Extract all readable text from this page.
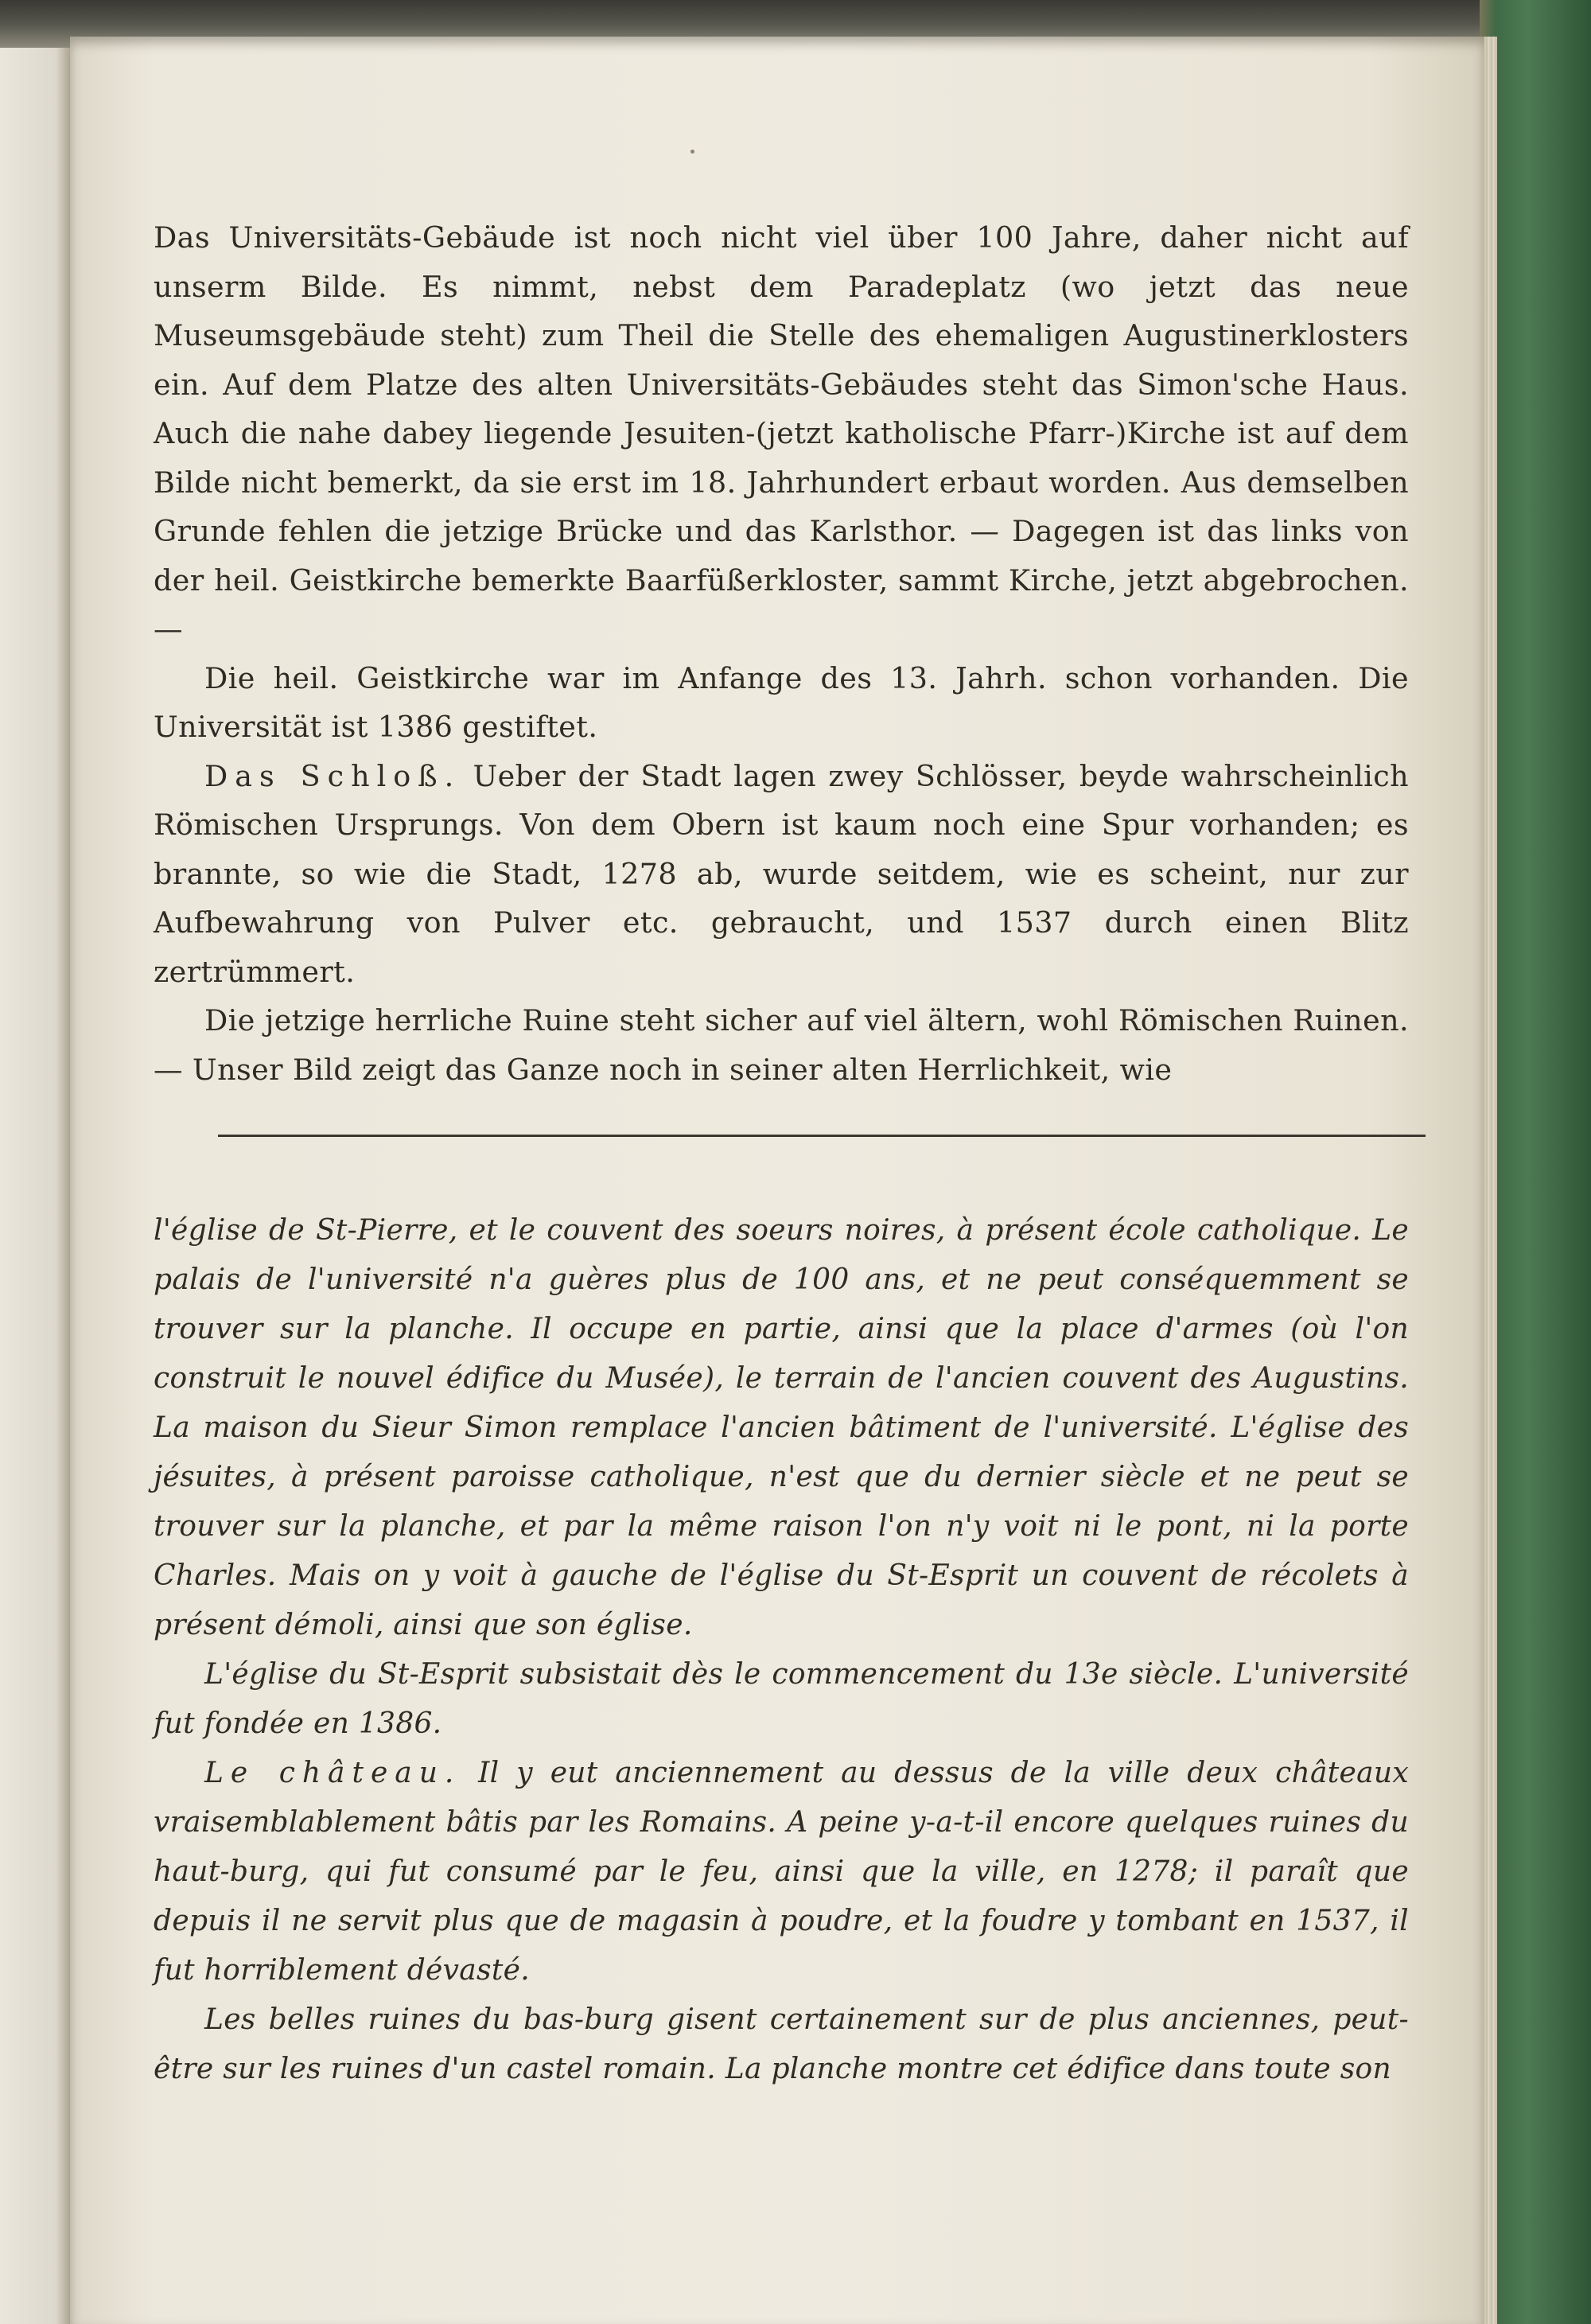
Das Universitäts-Gebäude ist noch nicht viel über 100 Jahre, daher nicht auf unserm Bilde. Es nimmt, nebst dem Paradeplatz (wo jetzt das neue Museumsgebäude steht) zum Theil die Stelle des ehemaligen Augustinerklosters ein. Auf dem Platze des alten Universitäts-Gebäudes steht das Simon'sche Haus. Auch die nahe dabey liegende Jesuiten-(jetzt katholische Pfarr-)Kirche ist auf dem Bilde nicht bemerkt, da sie erst im 18. Jahrhundert erbaut worden. Aus demselben Grunde fehlen die jetzige Brücke und das Karlsthor. — Dagegen ist das links von der heil. Geistkirche bemerkte Baarfüßerkloster, sammt Kirche, jetzt abgebrochen. —

Die heil. Geistkirche war im Anfange des 13. Jahrh. schon vorhanden. Die Universität ist 1386 gestiftet.

Das Schloß. Ueber der Stadt lagen zwey Schlösser, beyde wahrscheinlich Römischen Ursprungs. Von dem Obern ist kaum noch eine Spur vorhanden; es brannte, so wie die Stadt, 1278 ab, wurde seitdem, wie es scheint, nur zur Aufbewahrung von Pulver etc. gebraucht, und 1537 durch einen Blitz zertrümmert.

Die jetzige herrliche Ruine steht sicher auf viel ältern, wohl Römischen Ruinen. — Unser Bild zeigt das Ganze noch in seiner alten Herrlichkeit, wie

l'église de St-Pierre, et le couvent des soeurs noires, à présent école catholique. Le palais de l'université n'a guères plus de 100 ans, et ne peut conséquemment se trouver sur la planche. Il occupe en partie, ainsi que la place d'armes (où l'on construit le nouvel édifice du Musée), le terrain de l'ancien couvent des Augustins. La maison du Sieur Simon remplace l'ancien bâtiment de l'université. L'église des jésuites, à présent paroisse catholique, n'est que du dernier siècle et ne peut se trouver sur la planche, et par la même raison l'on n'y voit ni le pont, ni la porte Charles. Mais on y voit à gauche de l'église du St-Esprit un couvent de récolets à présent démoli, ainsi que son église.

L'église du St-Esprit subsistait dès le commencement du 13e siècle. L'université fut fondée en 1386.

Le château. Il y eut anciennement au dessus de la ville deux châteaux vraisemblablement bâtis par les Romains. A peine y-a-t-il encore quelques ruines du haut-burg, qui fut consumé par le feu, ainsi que la ville, en 1278; il paraît que depuis il ne servit plus que de magasin à poudre, et la foudre y tombant en 1537, il fut horriblement dévasté.

Les belles ruines du bas-burg gisent certainement sur de plus anciennes, peut-être sur les ruines d'un castel romain. La planche montre cet édifice dans toute son
